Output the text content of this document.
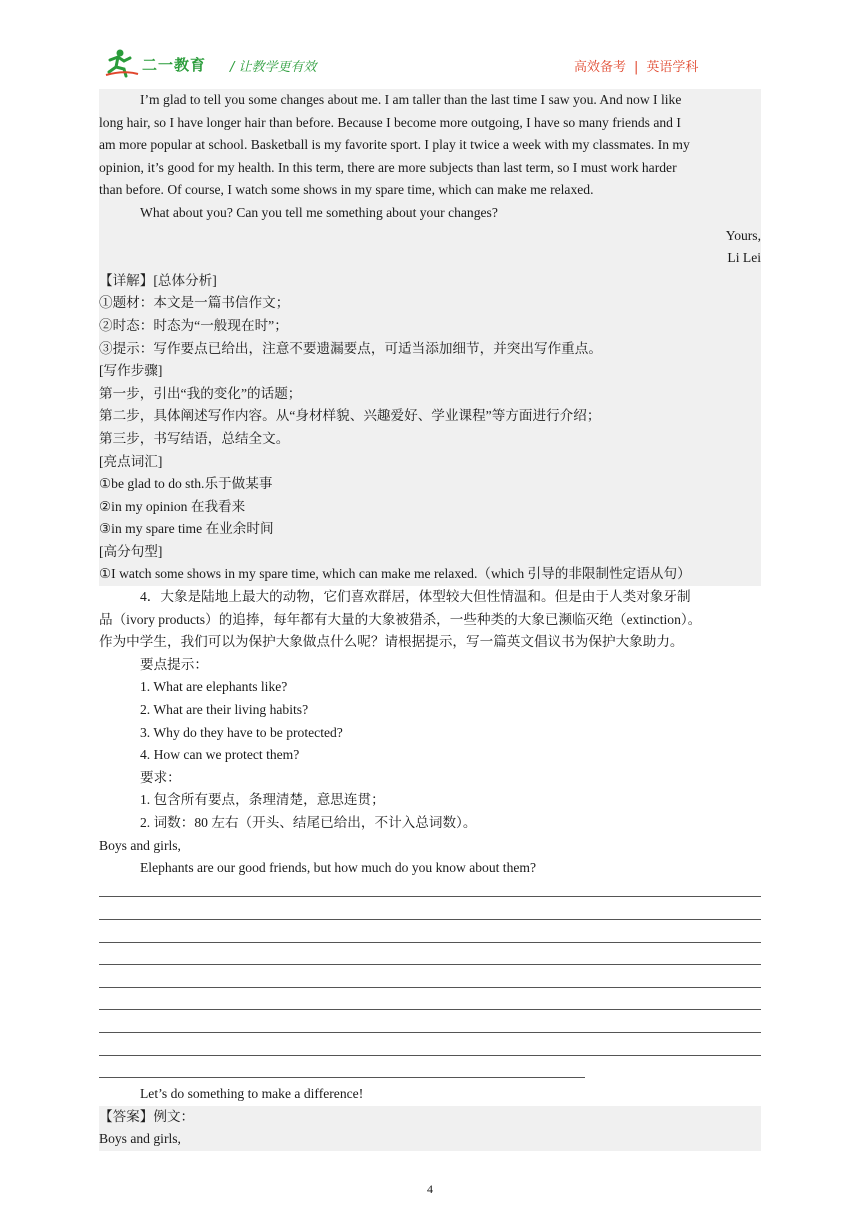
二一教育 / 让教学更有效	高效备考 | 英语学科
I’m glad to tell you some changes about me. I am taller than the last time I saw you. And now I like
long hair, so I have longer hair than before. Because I become more outgoing, I have so many friends and I
am more popular at school. Basketball is my favorite sport. I play it twice a week with my classmates. In my
opinion, it’s good for my health. In this term, there are more subjects than last term, so I must work harder
than before. Of course, I watch some shows in my spare time, which can make me relaxed.
What about you? Can you tell me something about your changes?
Yours,
Li Lei
【详解】[总体分析]
①题材：本文是一篇书信作文；
②时态：时态为“一般现在时”；
③提示：写作要点已给出，注意不要遗漏要点，可适当添加细节，并突出写作重点。
[写作步骤]
第一步，引出“我的变化”的话题；
第二步，具体阐述写作内容。从“身材样貌、兴趣爱好、学业课程”等方面进行介绍；
第三步，书写结语，总结全文。
[亮点词汇]
①be glad to do sth.乐于做某事
②in my opinion 在我看来
③in my spare time 在业余时间
[高分句型]
①I watch some shows in my spare time, which can make me relaxed.（which 引导的非限制性定语从句）
4．大象是陆地上最大的动物，它们喜欢群居，体型较大但性情温和。但是由于人类对象牙制
品（ivory products）的追捧，每年都有大量的大象被猎杀，一些种类的大象已濒临灭绝（extinction）。
作为中学生，我们可以为保护大象做点什么呢？请根据提示，写一篇英文倡议书为保护大象助力。
要点提示：
1. What are elephants like?
2. What are their living habits?
3. Why do they have to be protected?
4. How can we protect them?
要求：
1. 包含所有要点，条理清楚，意思连贯；
2. 词数：80 左右（开头、结尾已给出，不计入总词数）。
Boys and girls,
Elephants are our good friends, but how much do you know about them?
Let’s do something to make a difference!
【答案】例文：
Boys and girls,
4
